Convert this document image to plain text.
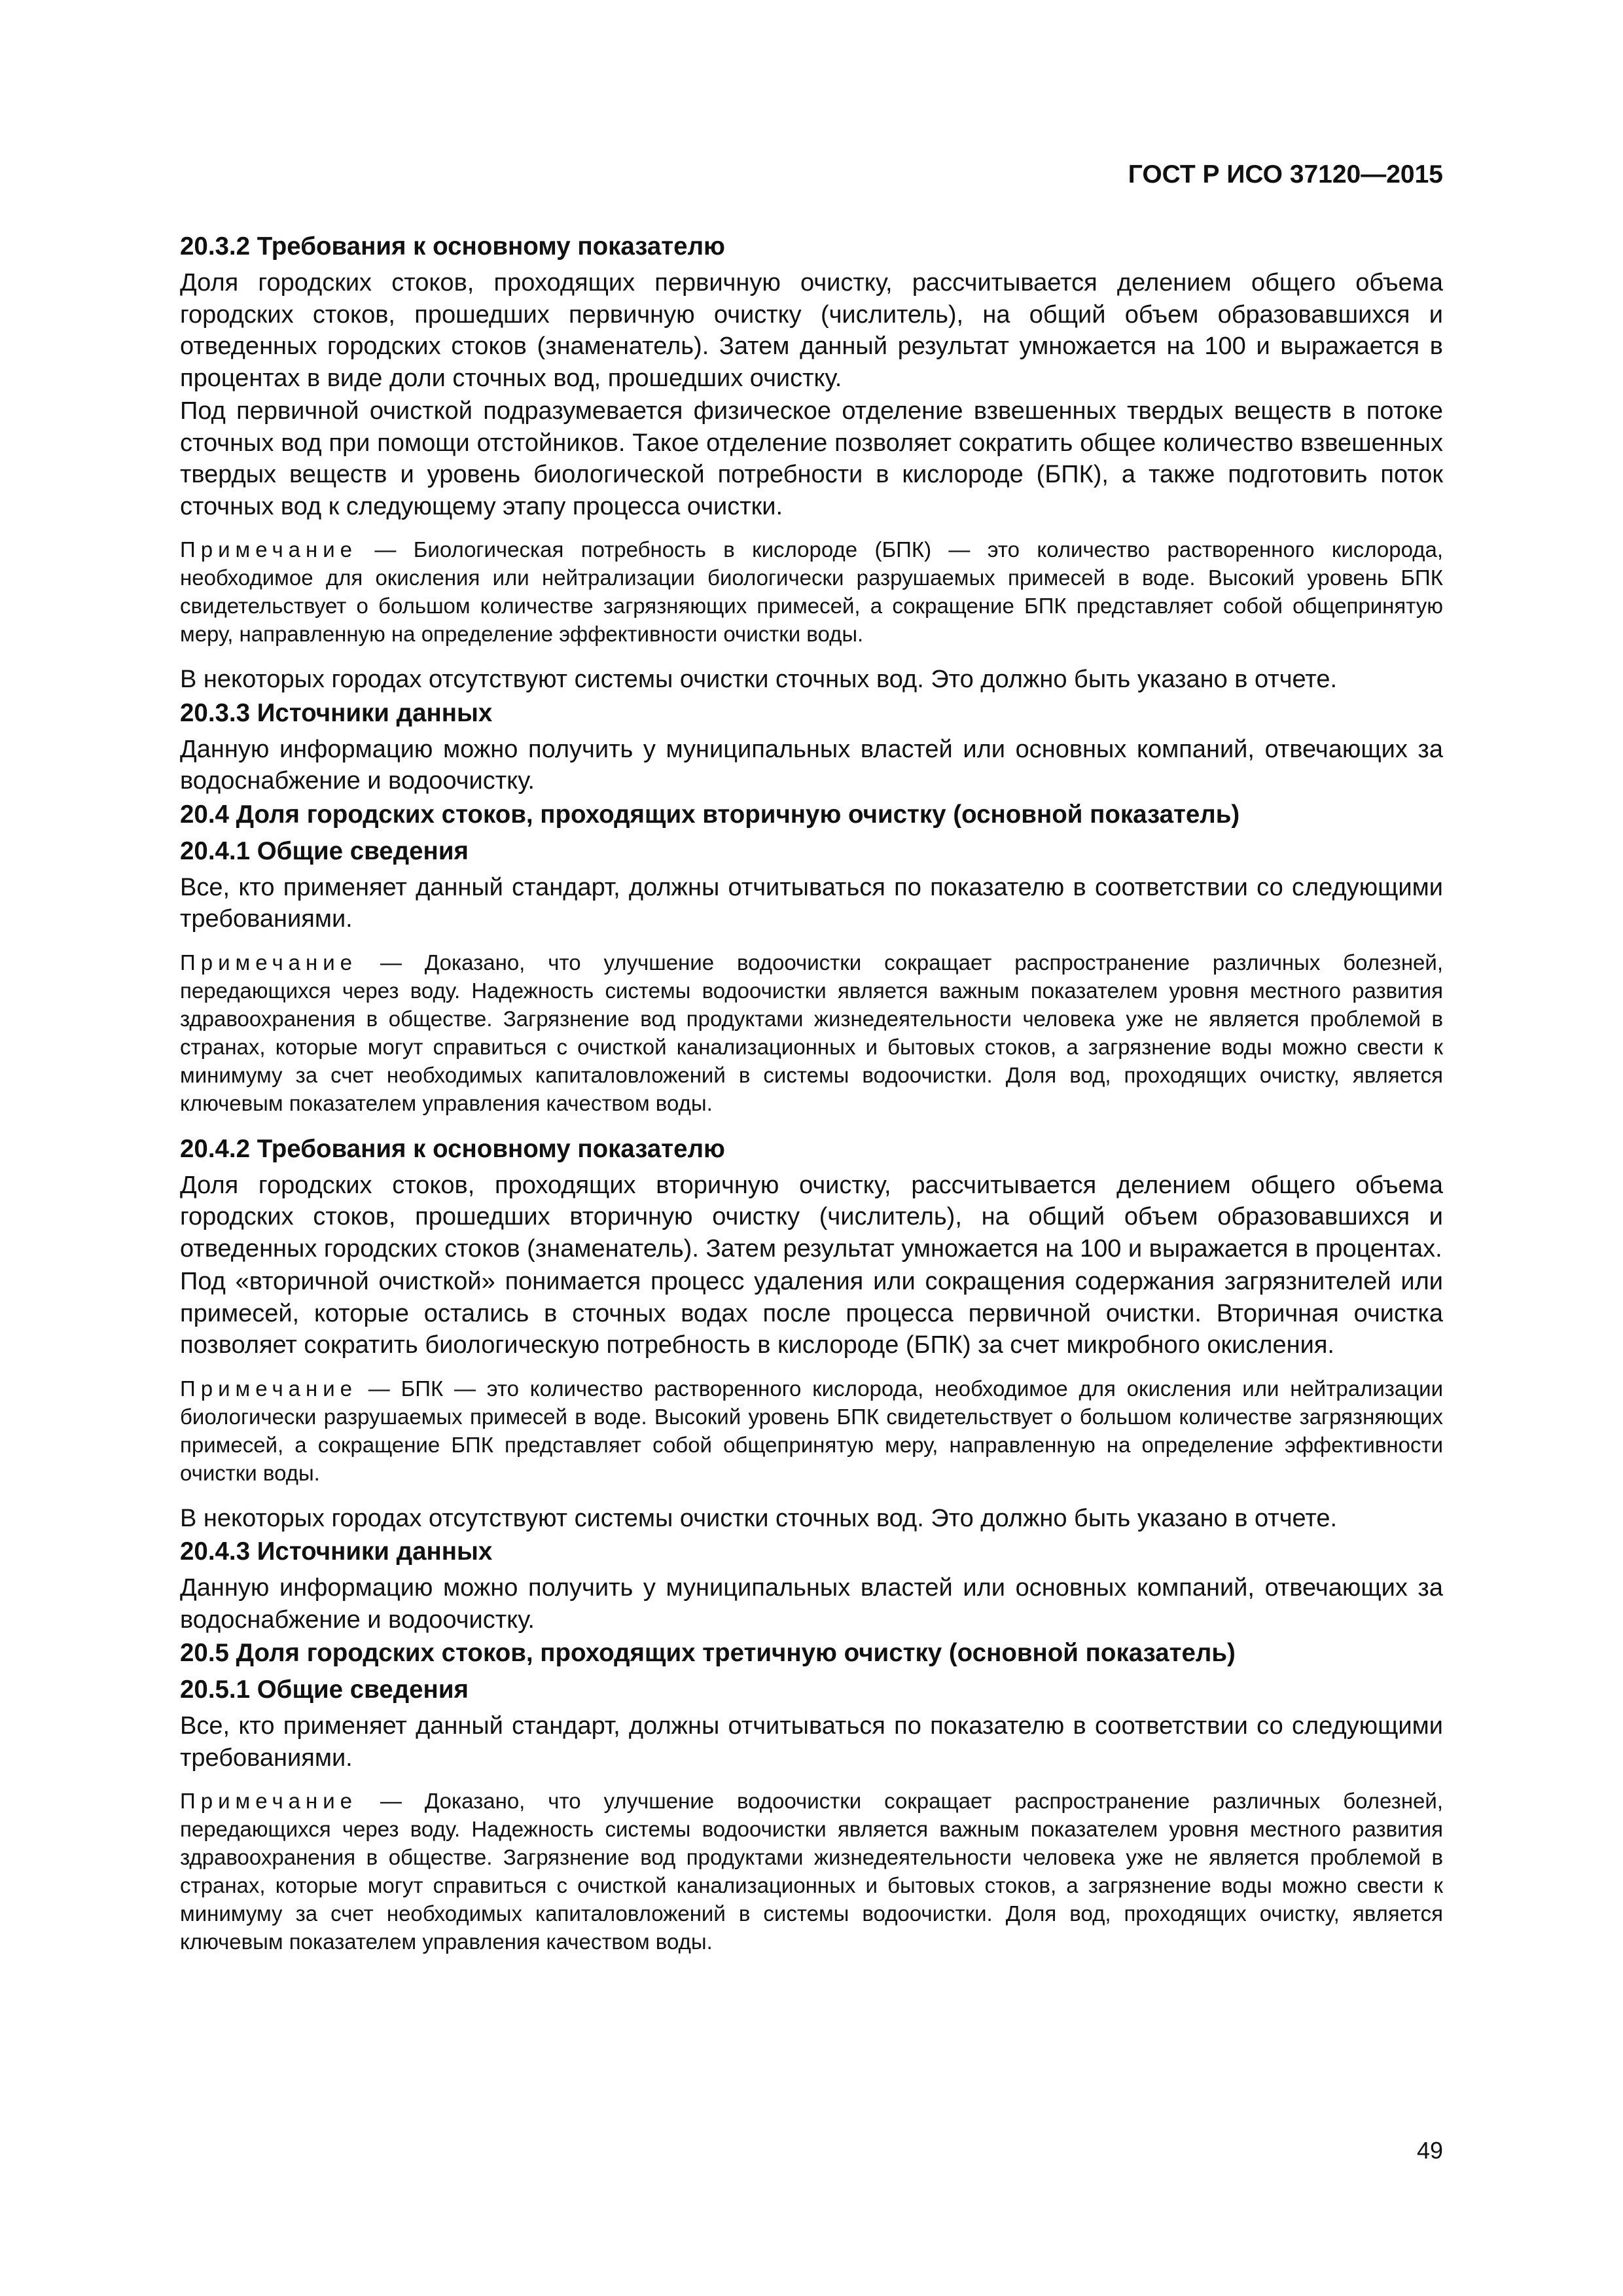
ГОСТ Р ИСО 37120—2015
20.3.2 Требования к основному показателю

Доля городских стоков, проходящих первичную очистку, рассчитывается делением общего объема городских стоков, прошедших первичную очистку (числитель), на общий объем образовавшихся и отведенных городских стоков (знаменатель). Затем данный результат умножается на 100 и выражается в процентах в виде доли сточных вод, прошедших очистку.

Под первичной очисткой подразумевается физическое отделение взвешенных твердых веществ в потоке сточных вод при помощи отстойников. Такое отделение позволяет сократить общее количество взвешенных твердых веществ и уровень биологической потребности в кислороде (БПК), а также подготовить поток сточных вод к следующему этапу процесса очистки.

Примечание — Биологическая потребность в кислороде (БПК) — это количество растворенного кислорода, необходимое для окисления или нейтрализации биологически разрушаемых примесей в воде. Высокий уровень БПК свидетельствует о большом количестве загрязняющих примесей, а сокращение БПК представляет собой общепринятую меру, направленную на определение эффективности очистки воды.

В некоторых городах отсутствуют системы очистки сточных вод. Это должно быть указано в отчете.

20.3.3 Источники данных

Данную информацию можно получить у муниципальных властей или основных компаний, отвечающих за водоснабжение и водоочистку.

20.4 Доля городских стоков, проходящих вторичную очистку (основной показатель)
20.4.1 Общие сведения

Все, кто применяет данный стандарт, должны отчитываться по показателю в соответствии со следующими требованиями.

Примечание — Доказано, что улучшение водоочистки сокращает распространение различных болезней, передающихся через воду. Надежность системы водоочистки является важным показателем уровня местного развития здравоохранения в обществе. Загрязнение вод продуктами жизнедеятельности человека уже не является проблемой в странах, которые могут справиться с очисткой канализационных и бытовых стоков, а загрязнение воды можно свести к минимуму за счет необходимых капиталовложений в системы водоочистки. Доля вод, проходящих очистку, является ключевым показателем управления качеством воды.

20.4.2 Требования к основному показателю

Доля городских стоков, проходящих вторичную очистку, рассчитывается делением общего объема городских стоков, прошедших вторичную очистку (числитель), на общий объем образовавшихся и отведенных городских стоков (знаменатель). Затем результат умножается на 100 и выражается в процентах.

Под «вторичной очисткой» понимается процесс удаления или сокращения содержания загрязнителей или примесей, которые остались в сточных водах после процесса первичной очистки. Вторичная очистка позволяет сократить биологическую потребность в кислороде (БПК) за счет микробного окисления.

Примечание — БПК — это количество растворенного кислорода, необходимое для окисления или нейтрализации биологически разрушаемых примесей в воде. Высокий уровень БПК свидетельствует о большом количестве загрязняющих примесей, а сокращение БПК представляет собой общепринятую меру, направленную на определение эффективности очистки воды.

В некоторых городах отсутствуют системы очистки сточных вод. Это должно быть указано в отчете.

20.4.3 Источники данных

Данную информацию можно получить у муниципальных властей или основных компаний, отвечающих за водоснабжение и водоочистку.

20.5 Доля городских стоков, проходящих третичную очистку (основной показатель)
20.5.1 Общие сведения

Все, кто применяет данный стандарт, должны отчитываться по показателю в соответствии со следующими требованиями.

Примечание — Доказано, что улучшение водоочистки сокращает распространение различных болезней, передающихся через воду. Надежность системы водоочистки является важным показателем уровня местного развития здравоохранения в обществе. Загрязнение вод продуктами жизнедеятельности человека уже не является проблемой в странах, которые могут справиться с очисткой канализационных и бытовых стоков, а загрязнение воды можно свести к минимуму за счет необходимых капиталовложений в системы водоочистки. Доля вод, проходящих очистку, является ключевым показателем управления качеством воды.

49
